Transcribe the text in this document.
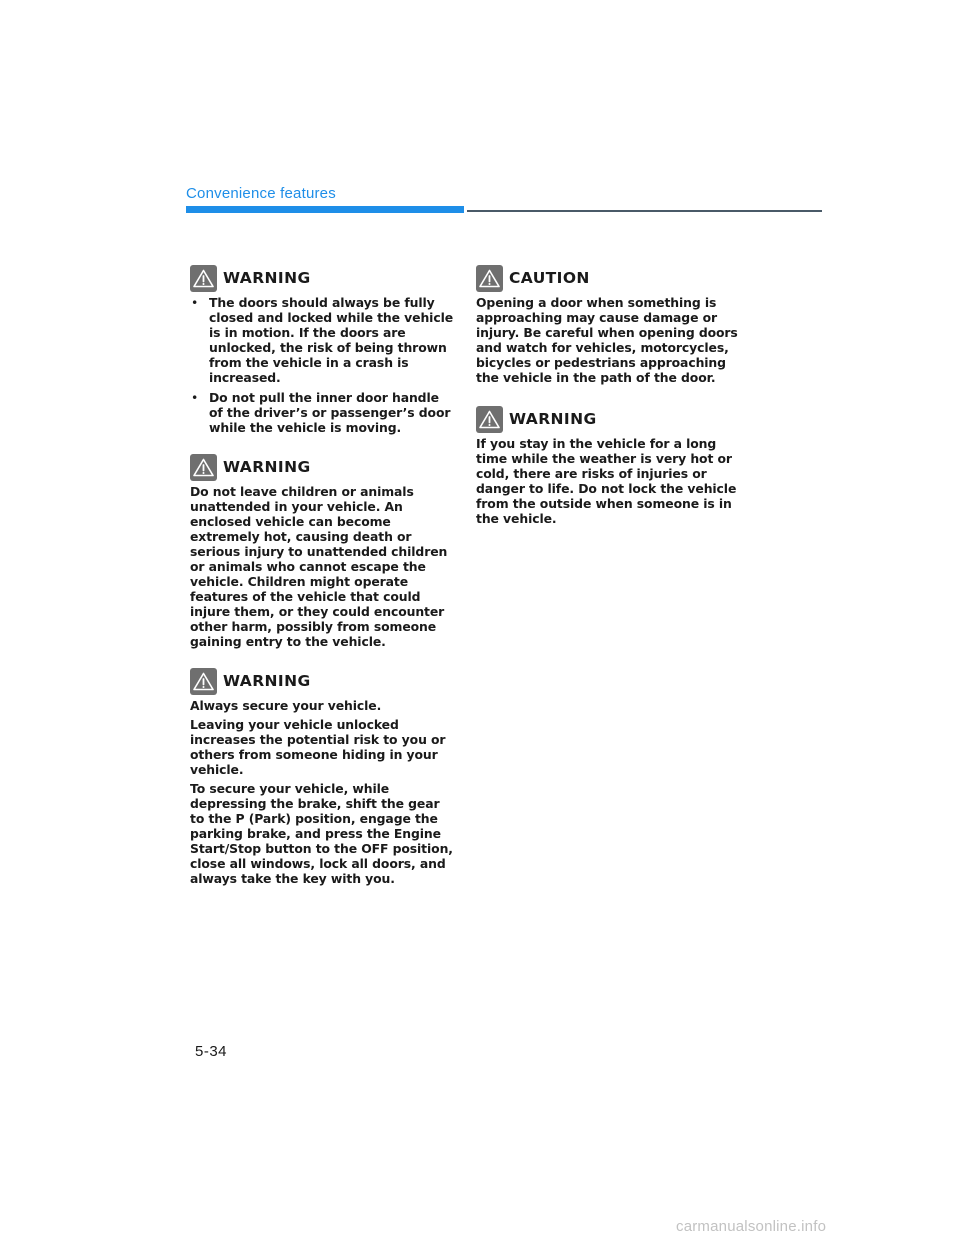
Convenience features
WARNING
• The doors should always be fully closed and locked while the vehicle is in motion. If the doors are unlocked, the risk of being thrown from the vehicle in a crash is increased.
• Do not pull the inner door handle of the driver’s or passenger’s door while the vehicle is moving.
WARNING

Do not leave children or animals unattended in your vehicle. An enclosed vehicle can become extremely hot, causing death or serious injury to unattended children or animals who cannot escape the vehicle. Children might operate features of the vehicle that could injure them, or they could encounter other harm, possibly from someone gaining entry to the vehicle.

WARNING

Always secure your vehicle.

Leaving your vehicle unlocked increases the potential risk to you or others from someone hiding in your vehicle.

To secure your vehicle, while depressing the brake, shift the gear to the P (Park) position, engage the parking brake, and press the Engine Start/Stop button to the OFF position, close all windows, lock all doors, and always take the key with you.

CAUTION

Opening a door when something is approaching may cause damage or injury. Be careful when opening doors and watch for vehicles, motorcycles, bicycles or pedestrians approaching the vehicle in the path of the door.

WARNING

If you stay in the vehicle for a long time while the weather is very hot or cold, there are risks of injuries or danger to life. Do not lock the vehicle from the outside when someone is in the vehicle.

5-34
carmanualsonline.info
